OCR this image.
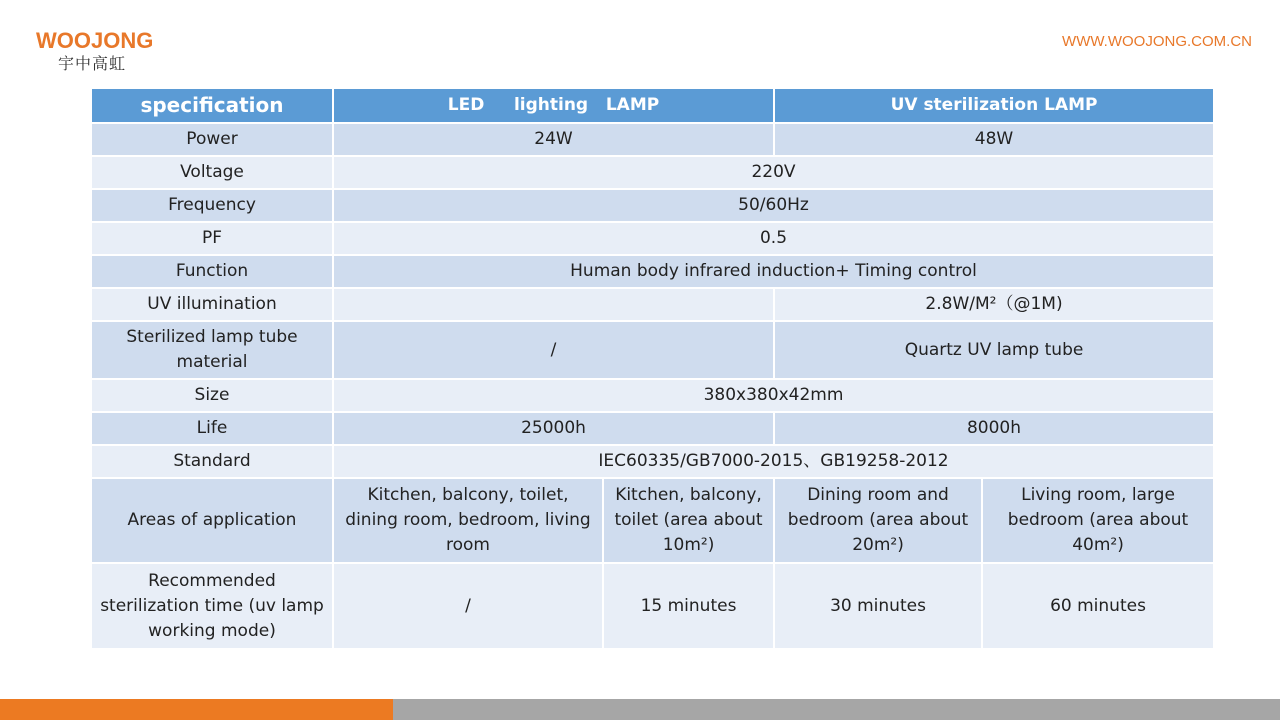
WOOJONG
宇中高虹
WWW.WOOJONG.COM.CN
specification	LED     lighting   LAMP		UV sterilization LAMP	
Power	24W		48W	
Voltage	220V			
Frequency	50/60Hz			
PF	0.5			
Function	Human body infrared induction+ Timing control			
UV illumination			2.8W/M²（@1M)	
Sterilized lamp tube material	/		Quartz UV lamp tube	
Size	380x380x42mm			
Life	25000h		8000h	
Standard	IEC60335/GB7000-2015、GB19258-2012			
Areas of application	Kitchen, balcony, toilet, dining room, bedroom, living room	Kitchen, balcony, toilet (area about 10m²)	Dining room and bedroom (area about 20m²)	Living room, large bedroom (area about 40m²)
Recommended sterilization time (uv lamp working mode)	/	15 minutes	30 minutes	60 minutes
